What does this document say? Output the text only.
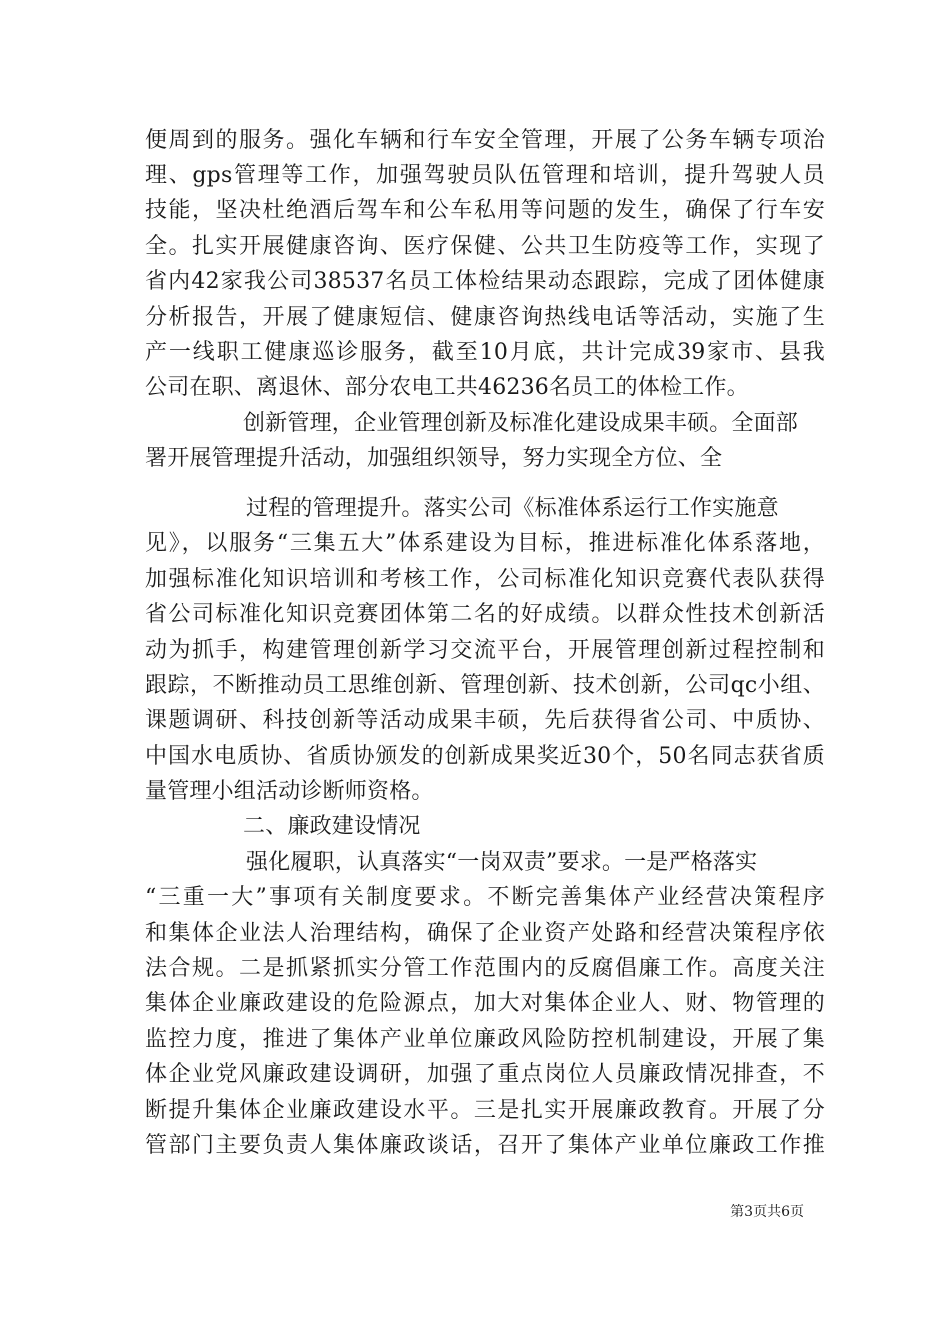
便周到的服务。强化车辆和行车安全管理，开展了公务车辆专项治
理、gps管理等工作，加强驾驶员队伍管理和培训，提升驾驶人员
技能，坚决杜绝酒后驾车和公车私用等问题的发生，确保了行车安
全。扎实开展健康咨询、医疗保健、公共卫生防疫等工作，实现了
省内42家我公司38537名员工体检结果动态跟踪，完成了团体健康
分析报告，开展了健康短信、健康咨询热线电话等活动，实施了生
产一线职工健康巡诊服务，截至10月底，共计完成39家市、县我
公司在职、离退休、部分农电工共46236名员工的体检工作。
创新管理，企业管理创新及标准化建设成果丰硕。全面部
署开展管理提升活动，加强组织领导，努力实现全方位、全
过程的管理提升。落实公司《标准体系运行工作实施意
见》，以服务“三集五大”体系建设为目标，推进标准化体系落地，
加强标准化知识培训和考核工作，公司标准化知识竞赛代表队获得
省公司标准化知识竞赛团体第二名的好成绩。以群众性技术创新活
动为抓手，构建管理创新学习交流平台，开展管理创新过程控制和
跟踪，不断推动员工思维创新、管理创新、技术创新，公司qc小组、
课题调研、科技创新等活动成果丰硕，先后获得省公司、中质协、
中国水电质协、省质协颁发的创新成果奖近30个，50名同志获省质
量管理小组活动诊断师资格。
二、廉政建设情况
强化履职，认真落实“一岗双责”要求。一是严格落实
“三重一大”事项有关制度要求。不断完善集体产业经营决策程序
和集体企业法人治理结构，确保了企业资产处路和经营决策程序依
法合规。二是抓紧抓实分管工作范围内的反腐倡廉工作。高度关注
集体企业廉政建设的危险源点，加大对集体企业人、财、物管理的
监控力度，推进了集体产业单位廉政风险防控机制建设，开展了集
体企业党风廉政建设调研，加强了重点岗位人员廉政情况排查，不
断提升集体企业廉政建设水平。三是扎实开展廉政教育。开展了分
管部门主要负责人集体廉政谈话，召开了集体产业单位廉政工作推
第3页共6页
